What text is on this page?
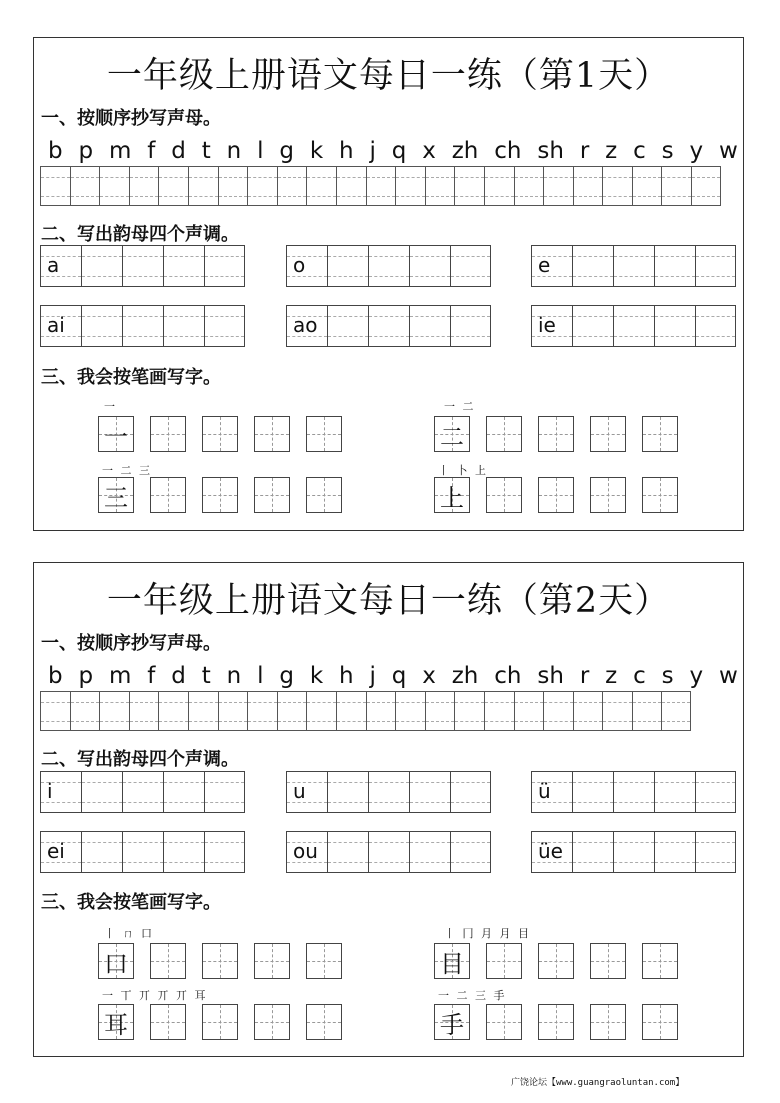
一年级上册语文每日一练（第1天）
一、按顺序抄写声母。
b p m f d t n l g k h j q x zh ch sh r z c s y w
二、写出韵母四个声调。
a	o	e
ai	ao	ie
三、我会按笔画写字。
一
一
一 二
二
一 二 三
三
丨 卜 上
上
一年级上册语文每日一练（第2天）
一、按顺序抄写声母。
b p m f d t n l g k h j q x zh ch sh r z c s y w
二、写出韵母四个声调。
i	u	ü
ei	ou	üe
三、我会按笔画写字。
丨 ㄇ 口
口
丨 冂 月 月 目
目
一 丅 丌 丌 丌 耳
耳
一 二 三 手
手
广饶论坛【www.guangraoluntan.com】
